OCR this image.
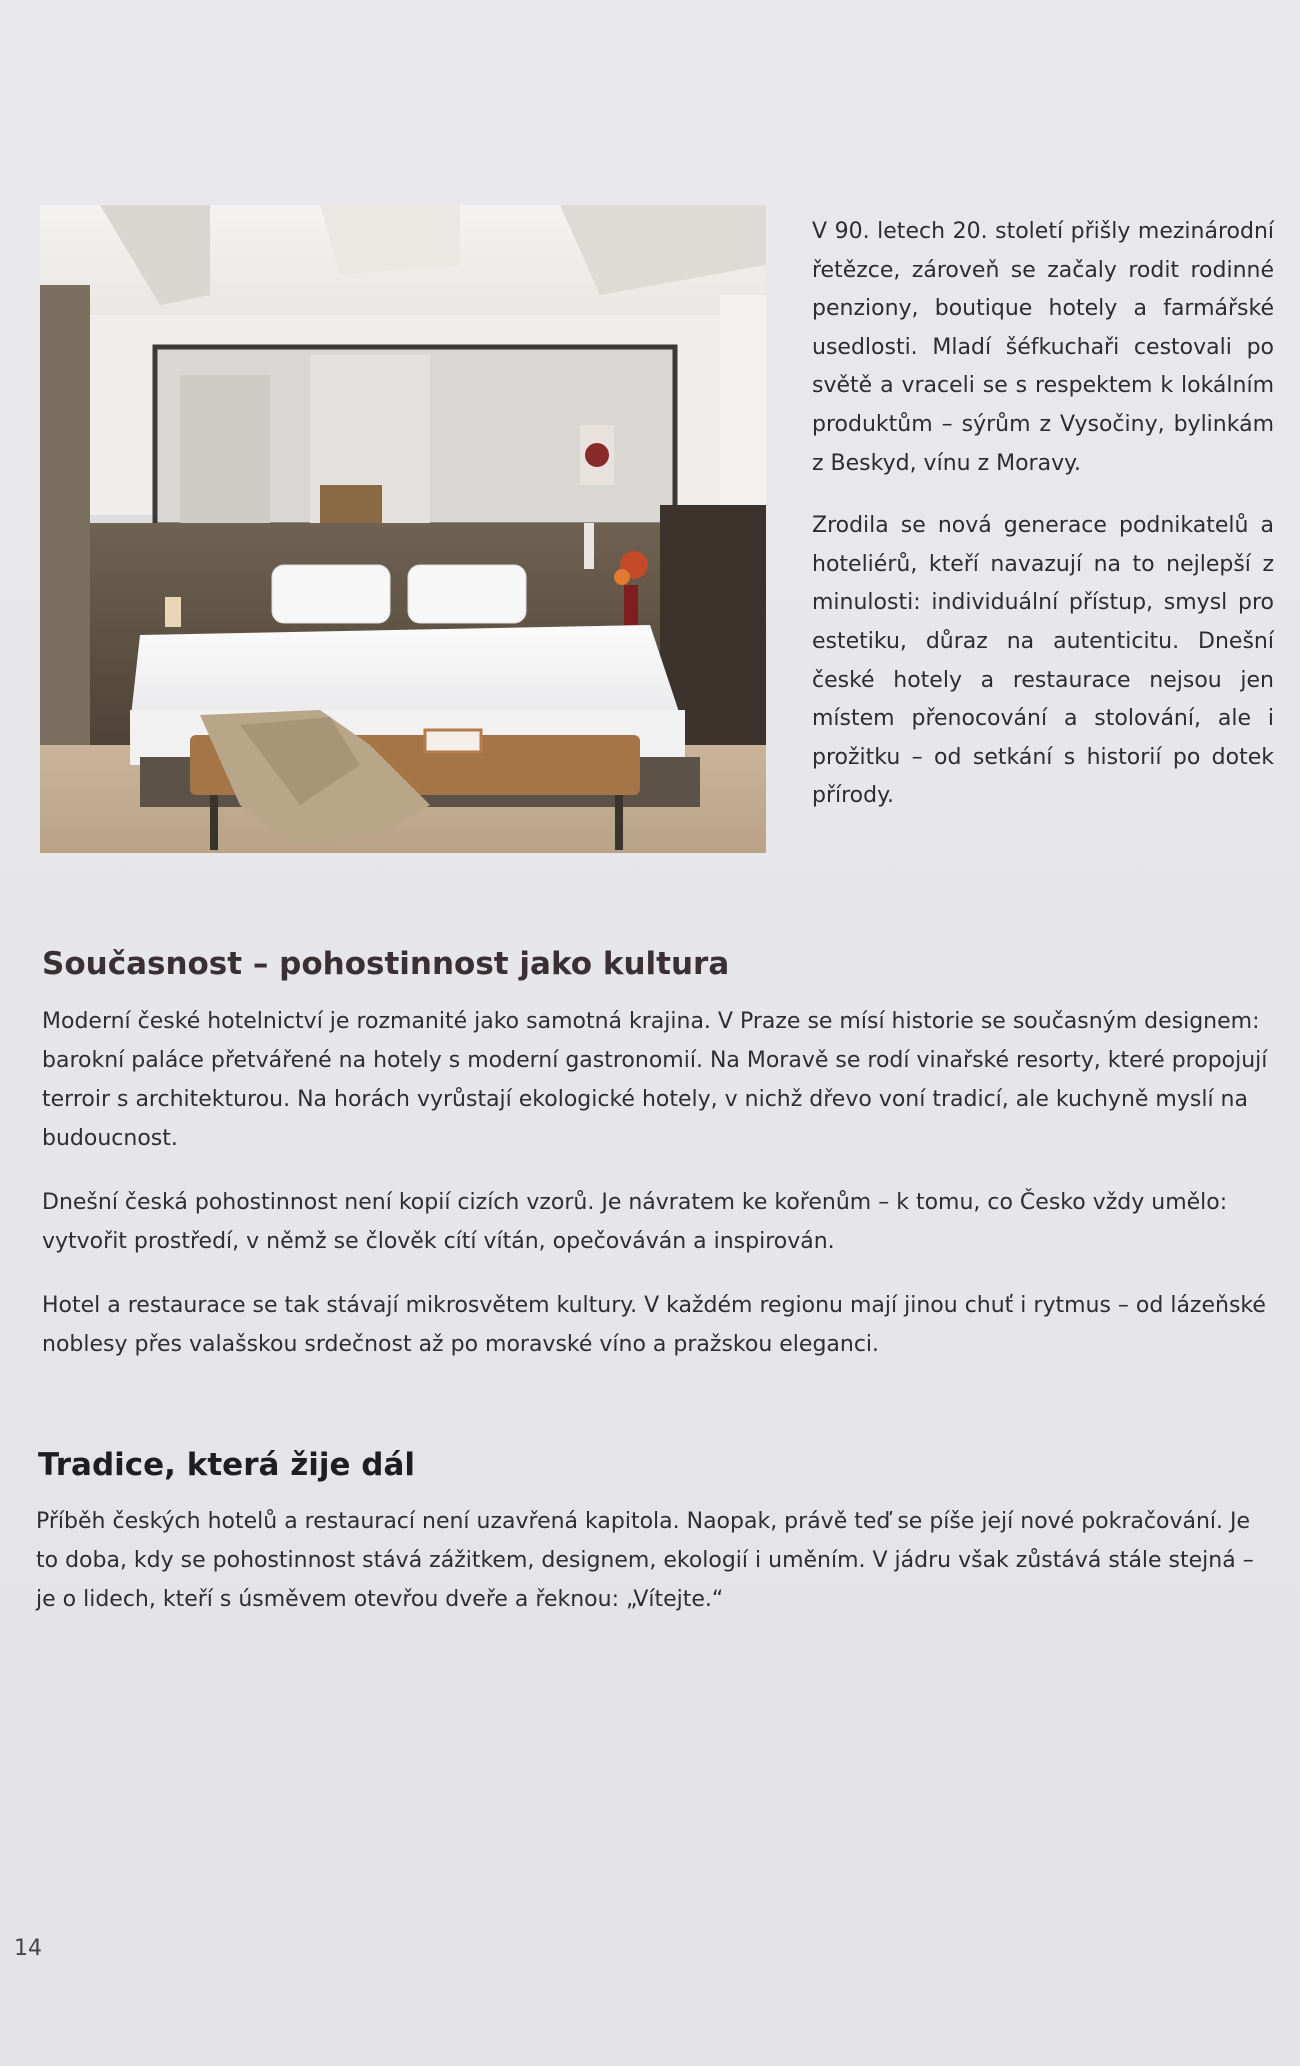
V 90. letech 20. století přišly mezinárodní řetězce, zároveň se začaly rodit rodinné penziony, boutique hotely a farmářské usedlosti. Mladí šéfkuchaři cestovali po světě a vraceli se s respektem k lokálním produktům – sýrům z Vysočiny, bylinkám z Beskyd, vínu z Moravy.

Zrodila se nová generace podnikatelů a hoteliérů, kteří navazují na to nejlepší z minulosti: individuální přístup, smysl pro estetiku, důraz na autenticitu. Dnešní české hotely a restaurace nejsou jen místem přenocování a stolování, ale i prožitku – od setkání s historií po dotek přírody.

Současnost – pohostinnost jako kultura

Moderní české hotelnictví je rozmanité jako samotná krajina. V Praze se mísí historie se současným designem: barokní paláce přetvářené na hotely s moderní gastronomií. Na Moravě se rodí vinařské resorty, které propojují terroir s architekturou. Na horách vyrůstají ekologické hotely, v nichž dřevo voní tradicí, ale kuchyně myslí na budoucnost.

Dnešní česká pohostinnost není kopií cizích vzorů. Je návratem ke kořenům – k tomu, co Česko vždy umělo: vytvořit prostředí, v němž se člověk cítí vítán, opečováván a inspirován.

Hotel a restaurace se tak stávají mikrosvětem kultury. V každém regionu mají jinou chuť i rytmus – od lázeňské noblesy přes valašskou srdečnost až po moravské víno a pražskou eleganci.

Tradice, která žije dál

Příběh českých hotelů a restaurací není uzavřená kapitola. Naopak, právě teď se píše její nové pokračování. Je to doba, kdy se pohostinnost stává zážitkem, designem, ekologií i uměním. V jádru však zůstává stále stejná – je o lidech, kteří s úsměvem otevřou dveře a řeknou: „Vítejte.“

14
